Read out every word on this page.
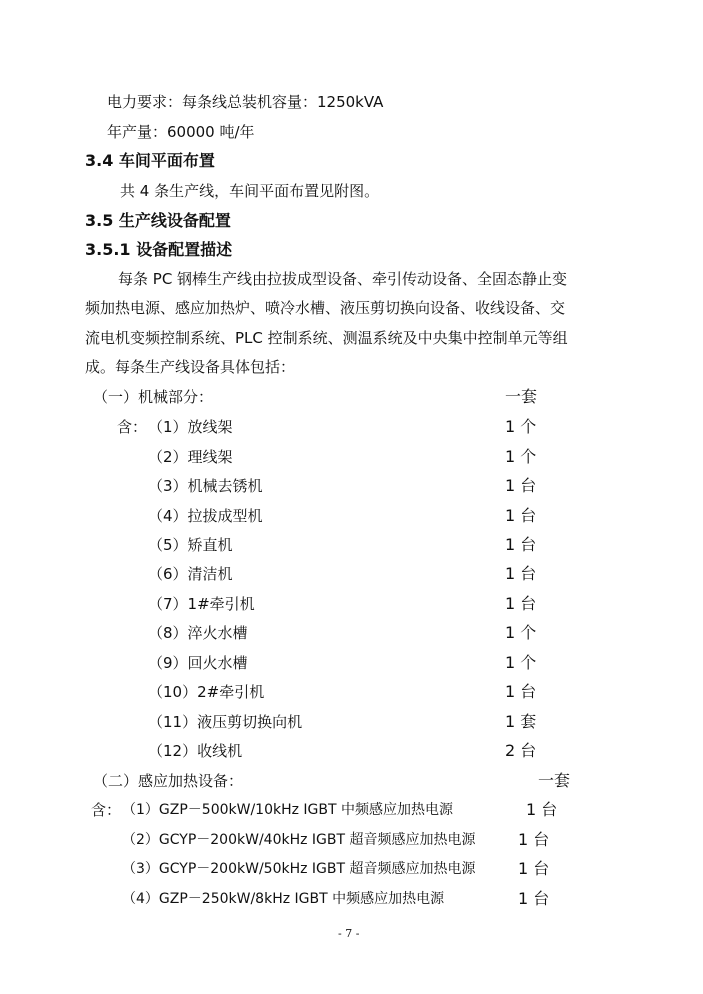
电力要求：每条线总装机容量：1250kVA
年产量：60000 吨/年
3.4 车间平面布置
共 4 条生产线，车间平面布置见附图。
3.5 生产线设备配置
3.5.1 设备配置描述
每条 PC 钢棒生产线由拉拔成型设备、牵引传动设备、全固态静止变
频加热电源、感应加热炉、喷冷水槽、液压剪切换向设备、收线设备、交
流电机变频控制系统、PLC 控制系统、测温系统及中央集中控制单元等组
成。每条生产线设备具体包括：
（一）机械部分：	一套
含： （1）放线架	1 个
（2）理线架	1 个
（3）机械去锈机	1 台
（4）拉拔成型机	1 台
（5）矫直机	1 台
（6）清洁机	1 台
（7）1#牵引机	1 台
（8）淬火水槽	1 个
（9）回火水槽	1 个
（10）2#牵引机	1 台
（11）液压剪切换向机	1 套
（12）收线机	2 台
（二）感应加热设备：	一套
含： （1）GZP－500kW/10kHz IGBT 中频感应加热电源	1 台
（2）GCYP－200kW/40kHz IGBT 超音频感应加热电源	1 台
（3）GCYP－200kW/50kHz IGBT 超音频感应加热电源	1 台
（4）GZP－250kW/8kHz IGBT 中频感应加热电源	1 台
- 7 -
